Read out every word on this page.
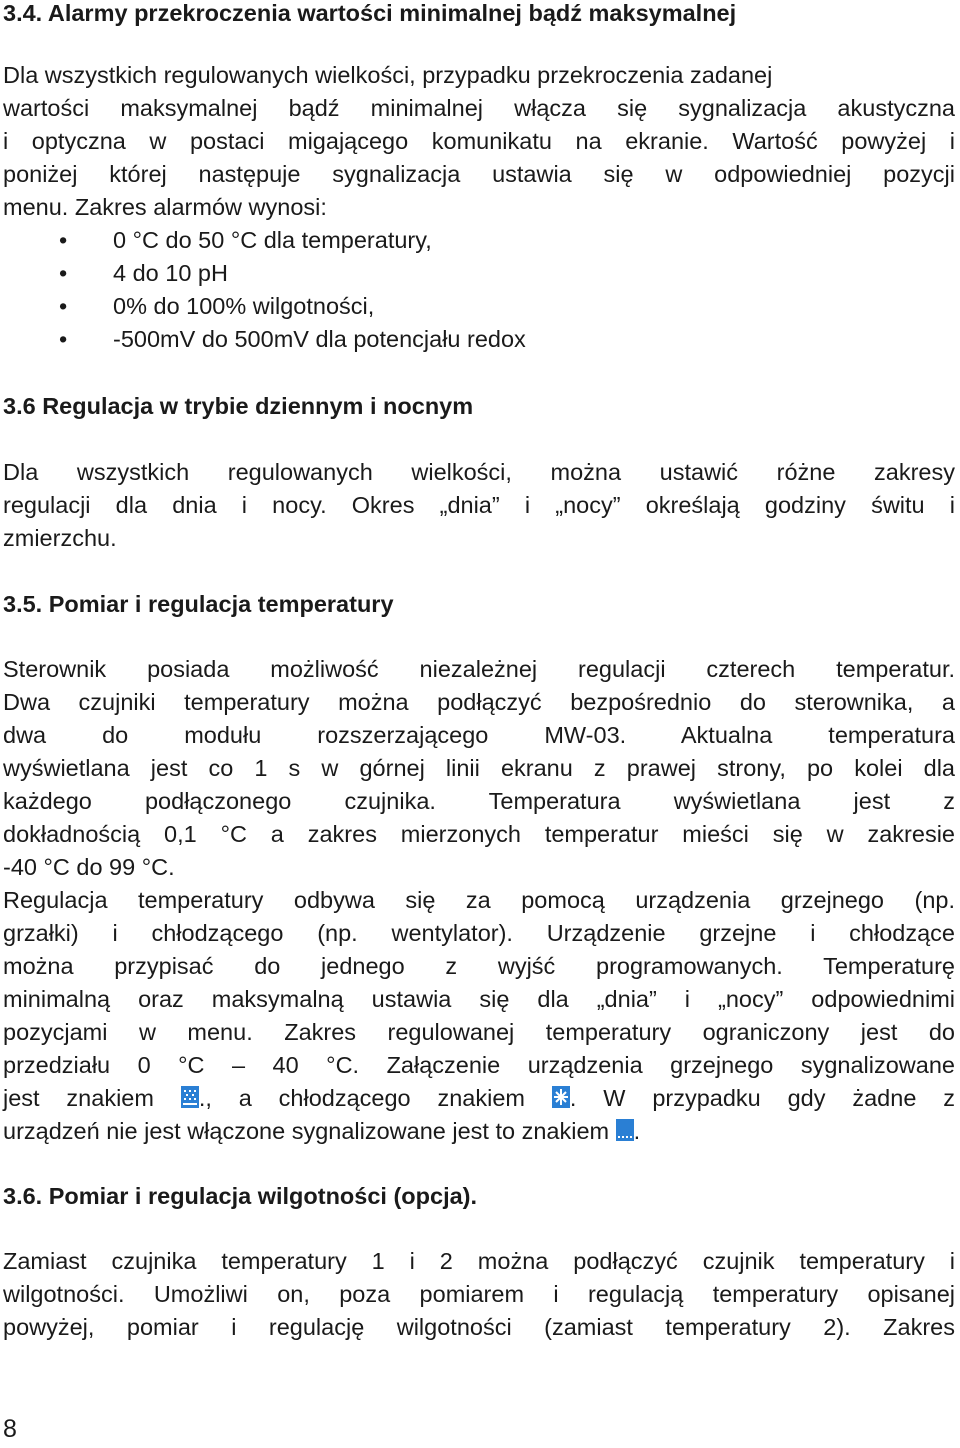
3.4. Alarmy przekroczenia wartości minimalnej bądź maksymalnej
Dla wszystkich regulowanych wielkości, przypadku przekroczenia zadanej
wartości maksymalnej bądź minimalnej włącza się sygnalizacja akustyczna
i optyczna w postaci migającego komunikatu na ekranie. Wartość powyżej i
poniżej której następuje sygnalizacja ustawia się w odpowiedniej pozycji
menu. Zakres alarmów wynosi:
• 0 °C do 50 °C dla temperatury,
• 4 do 10 pH
• 0% do 100% wilgotności,
• -500mV do 500mV dla potencjału redox
3.6 Regulacja w trybie dziennym i nocnym
Dla wszystkich regulowanych wielkości, można ustawić różne zakresy
regulacji dla dnia i nocy. Okres „dnia” i „nocy” określają godziny świtu i
zmierzchu.
3.5. Pomiar i regulacja temperatury
Sterownik posiada możliwość niezależnej regulacji czterech temperatur.
Dwa czujniki temperatury można podłączyć bezpośrednio do sterownika, a
dwa do modułu rozszerzającego MW-03. Aktualna temperatura
wyświetlana jest co 1 s w górnej linii ekranu z prawej strony, po kolei dla
każdego podłączonego czujnika. Temperatura wyświetlana jest z
dokładnością 0,1 °C a zakres mierzonych temperatur mieści się w zakresie
-40 °C do 99 °C.
Regulacja temperatury odbywa się za pomocą urządzenia grzejnego (np.
grzałki) i chłodzącego (np. wentylator). Urządzenie grzejne i chłodzące
można przypisać do jednego z wyjść programowanych. Temperaturę
minimalną oraz maksymalną ustawia się dla „dnia” i „nocy” odpowiednimi
pozycjami w menu. Zakres regulowanej temperatury ograniczony jest do
przedziału 0 °C – 40 °C. Załączenie urządzenia grzejnego sygnalizowane
jest znakiem
., a chłodzącego znakiem
. W przypadku gdy żadne z
urządzeń nie jest włączone sygnalizowane jest to znakiem
.
3.6. Pomiar i regulacja wilgotności (opcja).
Zamiast czujnika temperatury 1 i 2 można podłączyć czujnik temperatury i
wilgotności. Umożliwi on, poza pomiarem i regulacją temperatury opisanej
powyżej, pomiar i regulację wilgotności (zamiast temperatury 2). Zakres
8
